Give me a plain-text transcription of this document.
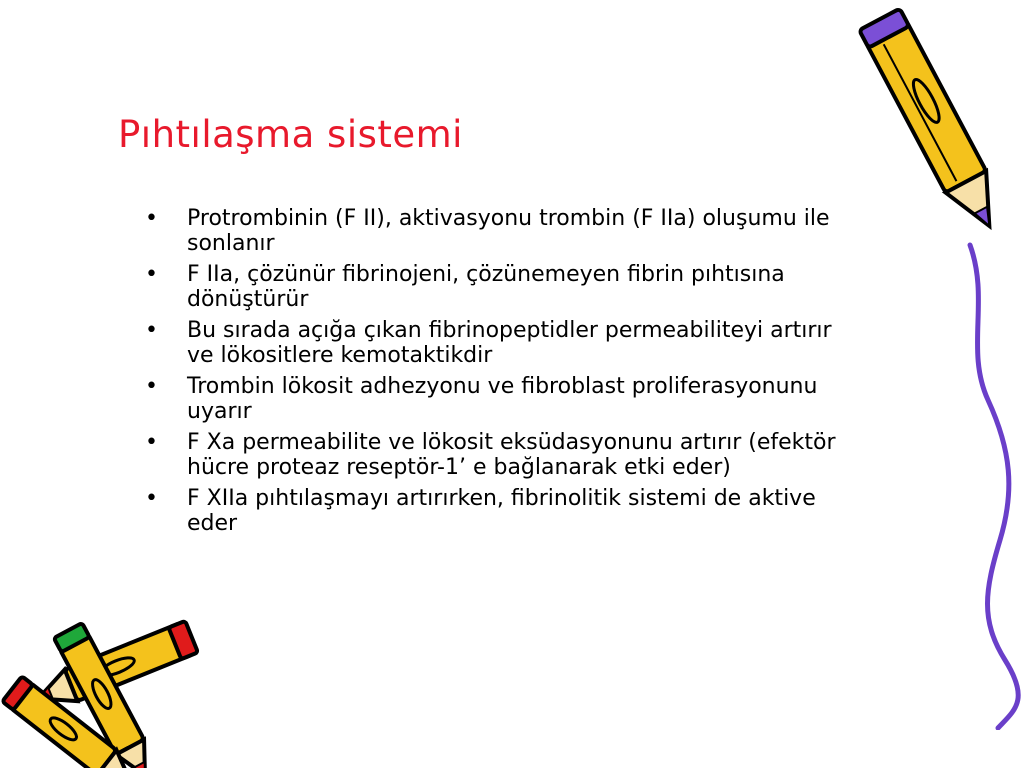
Pıhtılaşma sistemi
• Protrombinin (F II), aktivasyonu trombin (F IIa) oluşumu ile sonlanır
• F IIa, çözünür fibrinojeni, çözünemeyen fibrin pıhtısına dönüştürür
• Bu sırada açığa çıkan fibrinopeptidler permeabiliteyi artırır ve lökositlere kemotaktikdir
• Trombin lökosit adhezyonu ve fibroblast proliferasyonunu uyarır
• F Xa permeabilite ve lökosit eksüdasyonunu artırır (efektör hücre proteaz reseptör-1’ e bağlanarak etki eder)
• F XIIa pıhtılaşmayı artırırken, fibrinolitik sistemi de aktive eder
